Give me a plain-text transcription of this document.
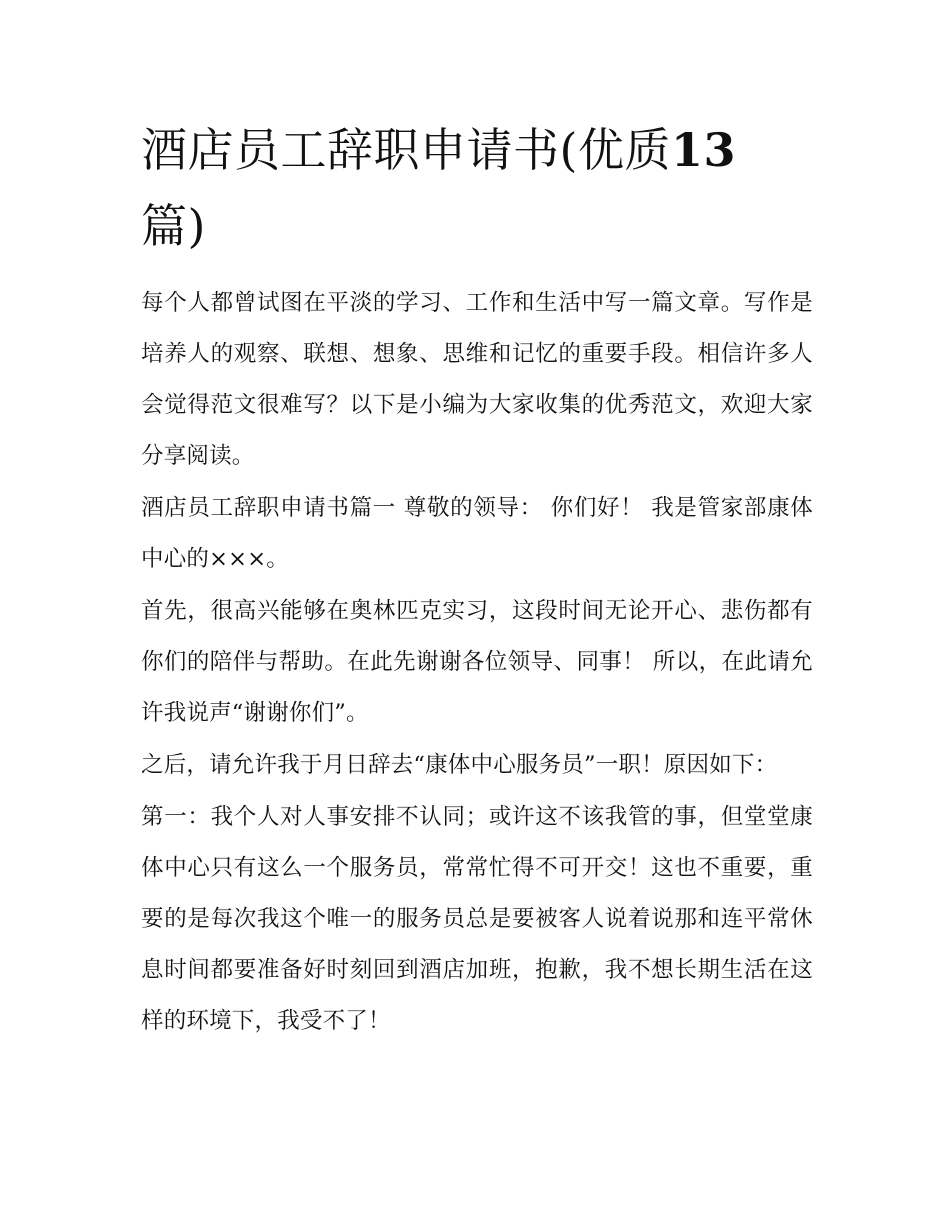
酒店员工辞职申请书(优质13
篇)

每个人都曾试图在平淡的学习、工作和生活中写一篇文章。写作是培养人的观察、联想、想象、思维和记忆的重要手段。相信许多人会觉得范文很难写？以下是小编为大家收集的优秀范文，欢迎大家分享阅读。

酒店员工辞职申请书篇一 尊敬的领导： 你们好！ 我是管家部康体中心的×××。

首先，很高兴能够在奥林匹克实习，这段时间无论开心、悲伤都有你们的陪伴与帮助。在此先谢谢各位领导、同事！ 所以，在此请允许我说声“谢谢你们”。

之后，请允许我于月日辞去“康体中心服务员”一职！原因如下：

第一：我个人对人事安排不认同；或许这不该我管的事，但堂堂康体中心只有这么一个服务员，常常忙得不可开交！这也不重要，重要的是每次我这个唯一的服务员总是要被客人说着说那和连平常休息时间都要准备好时刻回到酒店加班，抱歉，我不想长期生活在这样的环境下，我受不了！
